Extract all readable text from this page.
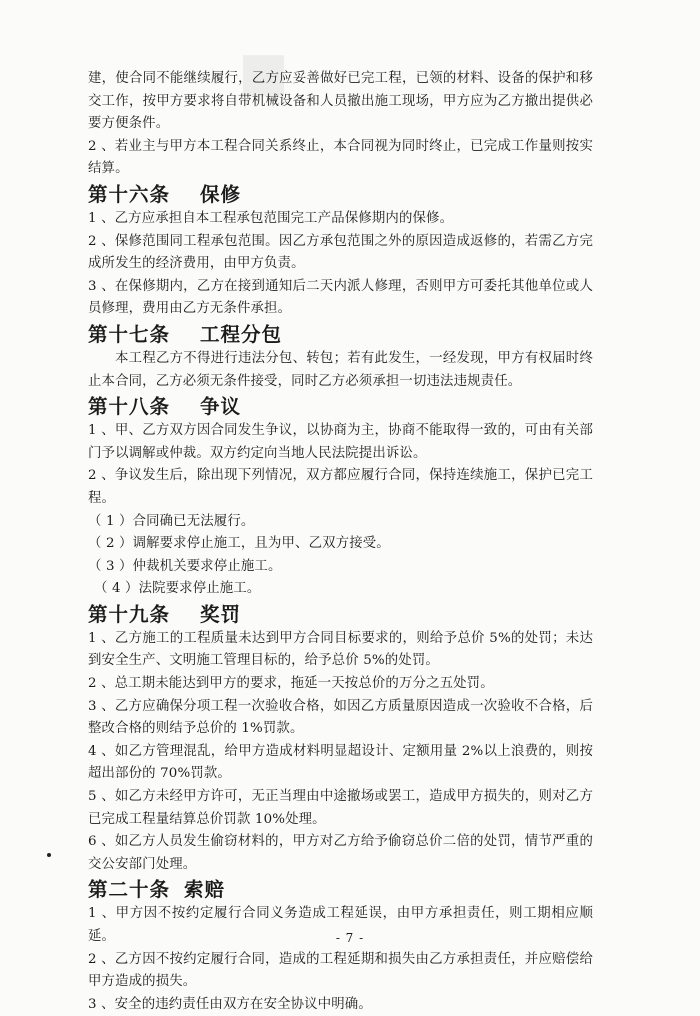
■

建，使合同不能继续履行，乙方应妥善做好已完工程，已领的材料、设备的保护和移交工作，按甲方要求将自带机械设备和人员撤出施工现场，甲方应为乙方撤出提供必要方便条件。

2 、若业主与甲方本工程合同关系终止，本合同视为同时终止，已完成工作量则按实结算。

第十六条 保修

1 、乙方应承担自本工程承包范围完工产品保修期内的保修。

2 、保修范围同工程承包范围。因乙方承包范围之外的原因造成返修的，若需乙方完成所发生的经济费用，由甲方负责。

3 、在保修期内，乙方在接到通知后二天内派人修理，否则甲方可委托其他单位或人员修理，费用由乙方无条件承担。

第十七条 工程分包

本工程乙方不得进行违法分包、转包；若有此发生，一经发现，甲方有权届时终止本合同，乙方必须无条件接受，同时乙方必须承担一切违法违规责任。

第十八条 争议

1 、甲、乙方双方因合同发生争议，以协商为主，协商不能取得一致的，可由有关部门予以调解或仲裁。双方约定向当地人民法院提出诉讼。

2 、争议发生后，除出现下列情况，双方都应履行合同，保持连续施工，保护已完工程。

（ 1 ）合同确已无法履行。

（ 2 ）调解要求停止施工，且为甲、乙双方接受。

（ 3 ）仲裁机关要求停止施工。

（ 4 ）法院要求停止施工。

第十九条 奖罚

1 、乙方施工的工程质量未达到甲方合同目标要求的，则给予总价 5%的处罚；未达到安全生产、文明施工管理目标的，给予总价 5%的处罚。

2 、总工期未能达到甲方的要求，拖延一天按总价的万分之五处罚。

3 、乙方应确保分项工程一次验收合格，如因乙方质量原因造成一次验收不合格，后整改合格的则结予总价的 1%罚款。

4 、如乙方管理混乱，给甲方造成材料明显超设计、定额用量 2%以上浪费的，则按超出部份的 70%罚款。

5 、如乙方未经甲方许可，无正当理由中途撤场或罢工，造成甲方损失的，则对乙方已完成工程量结算总价罚款 10%处理。

6 、如乙方人员发生偷窃材料的，甲方对乙方给予偷窃总价二倍的处罚，情节严重的交公安部门处理。

第二十条 索赔

1 、甲方因不按约定履行合同义务造成工程延误，由甲方承担责任，则工期相应顺延。

2 、乙方因不按约定履行合同，造成的工程延期和损失由乙方承担责任，并应赔偿给甲方造成的损失。

3 、安全的违约责任由双方在安全协议中明确。

- 7 -
